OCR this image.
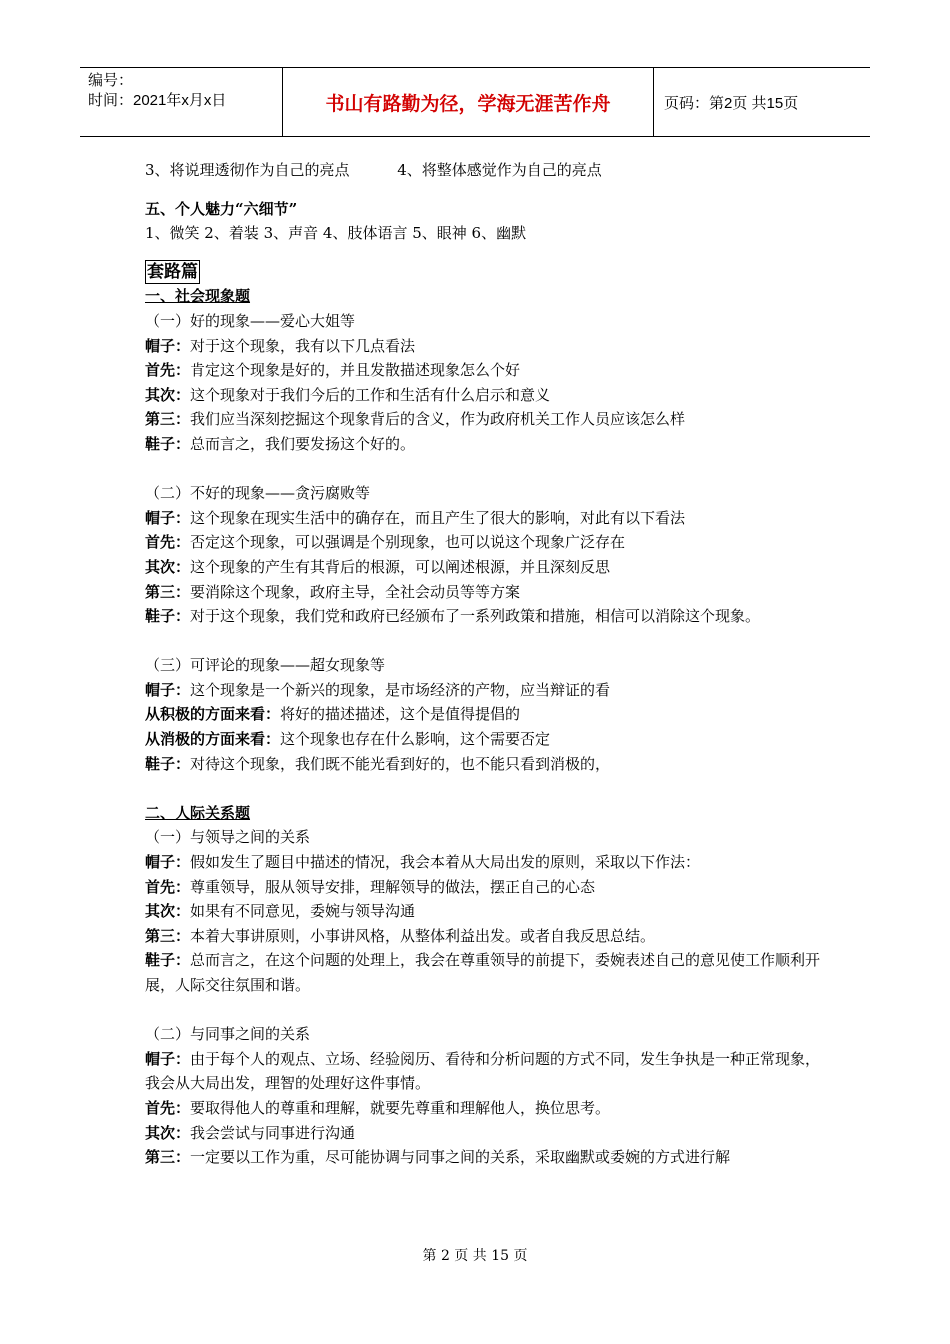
编号：
时间：2021年x月x日	书山有路勤为径，学海无涯苦作舟	页码：第2页 共15页
3、将说理透彻作为自己的亮点          4、将整体感觉作为自己的亮点
五、个人魅力“六细节”
1、微笑 2、着装 3、声音 4、肢体语言 5、眼神 6、幽默
套路篇
一、社会现象题
（一）好的现象——爱心大姐等
帽子：对于这个现象，我有以下几点看法
首先：肯定这个现象是好的，并且发散描述现象怎么个好
其次：这个现象对于我们今后的工作和生活有什么启示和意义
第三：我们应当深刻挖掘这个现象背后的含义，作为政府机关工作人员应该怎么样
鞋子：总而言之，我们要发扬这个好的。
（二）不好的现象——贪污腐败等
帽子：这个现象在现实生活中的确存在，而且产生了很大的影响，对此有以下看法
首先：否定这个现象，可以强调是个别现象，也可以说这个现象广泛存在
其次：这个现象的产生有其背后的根源，可以阐述根源，并且深刻反思
第三：要消除这个现象，政府主导，全社会动员等等方案
鞋子：对于这个现象，我们党和政府已经颁布了一系列政策和措施，相信可以消除这个现象。
（三）可评论的现象——超女现象等
帽子：这个现象是一个新兴的现象，是市场经济的产物，应当辩证的看
从积极的方面来看：将好的描述描述，这个是值得提倡的
从消极的方面来看：这个现象也存在什么影响，这个需要否定
鞋子：对待这个现象，我们既不能光看到好的，也不能只看到消极的，
二、人际关系题
（一）与领导之间的关系
帽子：假如发生了题目中描述的情况，我会本着从大局出发的原则，采取以下作法：
首先：尊重领导，服从领导安排，理解领导的做法，摆正自己的心态
其次：如果有不同意见，委婉与领导沟通
第三：本着大事讲原则，小事讲风格，从整体利益出发。或者自我反思总结。
鞋子：总而言之，在这个问题的处理上，我会在尊重领导的前提下，委婉表述自己的意见使工作顺利开展，人际交往氛围和谐。
（二）与同事之间的关系
帽子：由于每个人的观点、立场、经验阅历、看待和分析问题的方式不同，发生争执是一种正常现象，我会从大局出发，理智的处理好这件事情。
首先：要取得他人的尊重和理解，就要先尊重和理解他人，换位思考。
其次：我会尝试与同事进行沟通
第三：一定要以工作为重，尽可能协调与同事之间的关系，采取幽默或委婉的方式进行解
第 2 页 共 15 页
